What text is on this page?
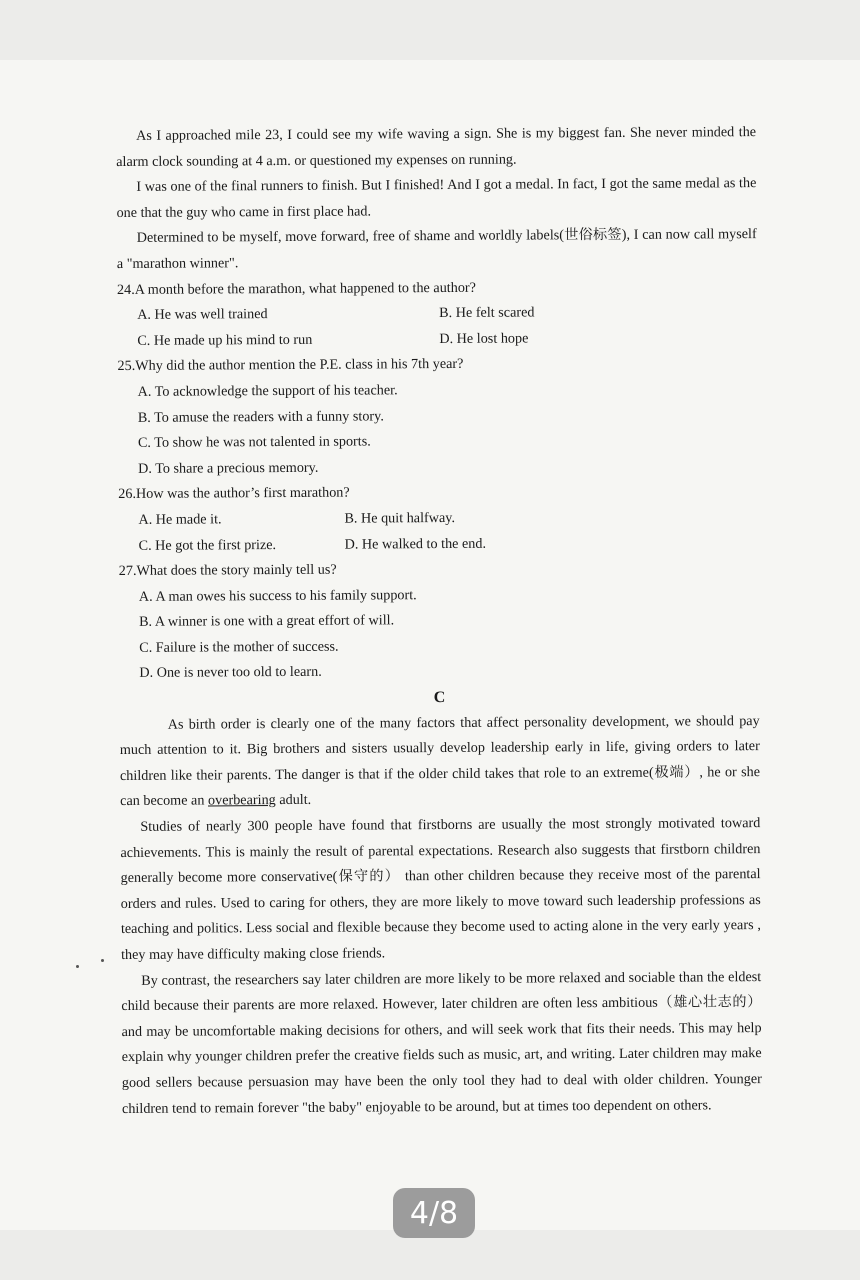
As I approached mile 23, I could see my wife waving a sign. She is my biggest fan. She never minded the alarm clock sounding at 4 a.m. or questioned my expenses on running.

I was one of the final runners to finish. But I finished! And I got a medal. In fact, I got the same medal as the one that the guy who came in first place had.

Determined to be myself, move forward, free of shame and worldly labels(世俗标签), I can now call myself a "marathon winner".

24.A month before the marathon, what happened to the author?

A. He was well trained	B. He felt scared
C. He made up his mind to run	D. He lost hope

25.Why did the author mention the P.E. class in his 7th year?

A. To acknowledge the support of his teacher.

B. To amuse the readers with a funny story.

C. To show he was not talented in sports.

D. To share a precious memory.

26.How was the author’s first marathon?

A. He made it.	B. He quit halfway.
C. He got the first prize.	D. He walked to the end.

27.What does the story mainly tell us?

A. A man owes his success to his family support.

B. A winner is one with a great effort of will.

C. Failure is the mother of success.

D. One is never too old to learn.

C

As birth order is clearly one of the many factors that affect personality development, we should pay much attention to it. Big brothers and sisters usually develop leadership early in life, giving orders to later children like their parents. The danger is that if the older child takes that role to an extreme(极端）, he or she can become an overbearing adult.

Studies of nearly 300 people have found that firstborns are usually the most strongly motivated toward achievements. This is mainly the result of parental expectations. Research also suggests that firstborn children generally become more conservative(保守的） than other children because they receive most of the parental orders and rules. Used to caring for others, they are more likely to move toward such leadership professions as teaching and politics. Less social and flexible because they become used to acting alone in the very early years , they may have difficulty making close friends.

By contrast, the researchers say later children are more likely to be more relaxed and sociable than the eldest child because their parents are more relaxed. However, later children are often less ambitious（雄心壮志的） and may be uncomfortable making decisions for others, and will seek work that fits their needs. This may help explain why younger children prefer the creative fields such as music, art, and writing. Later children may make good sellers because persuasion may have been the only tool they had to deal with older children. Younger children tend to remain forever "the baby" enjoyable to be around, but at times too dependent on others.

4/8
